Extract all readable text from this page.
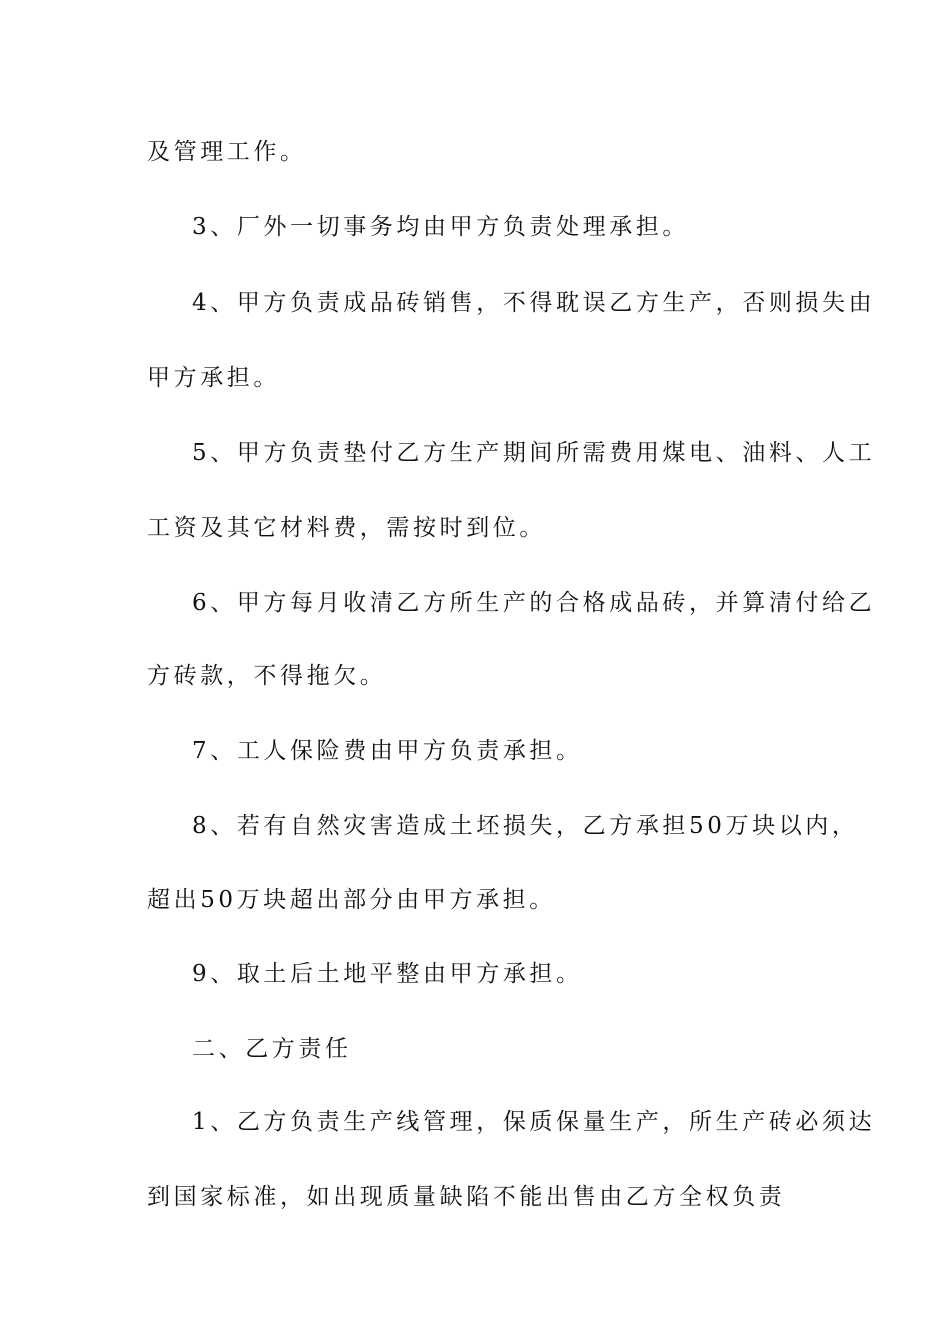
及管理工作。
3、厂外一切事务均由甲方负责处理承担。
4、甲方负责成品砖销售，不得耽误乙方生产，否则损失由
甲方承担。
5、甲方负责垫付乙方生产期间所需费用煤电、油料、人工
工资及其它材料费，需按时到位。
6、甲方每月收清乙方所生产的合格成品砖，并算清付给乙
方砖款，不得拖欠。
7、工人保险费由甲方负责承担。
8、若有自然灾害造成土坯损失，乙方承担50万块以内，
超出50万块超出部分由甲方承担。
9、取土后土地平整由甲方承担。
二、乙方责任
1、乙方负责生产线管理，保质保量生产，所生产砖必须达
到国家标准，如出现质量缺陷不能出售由乙方全权负责
